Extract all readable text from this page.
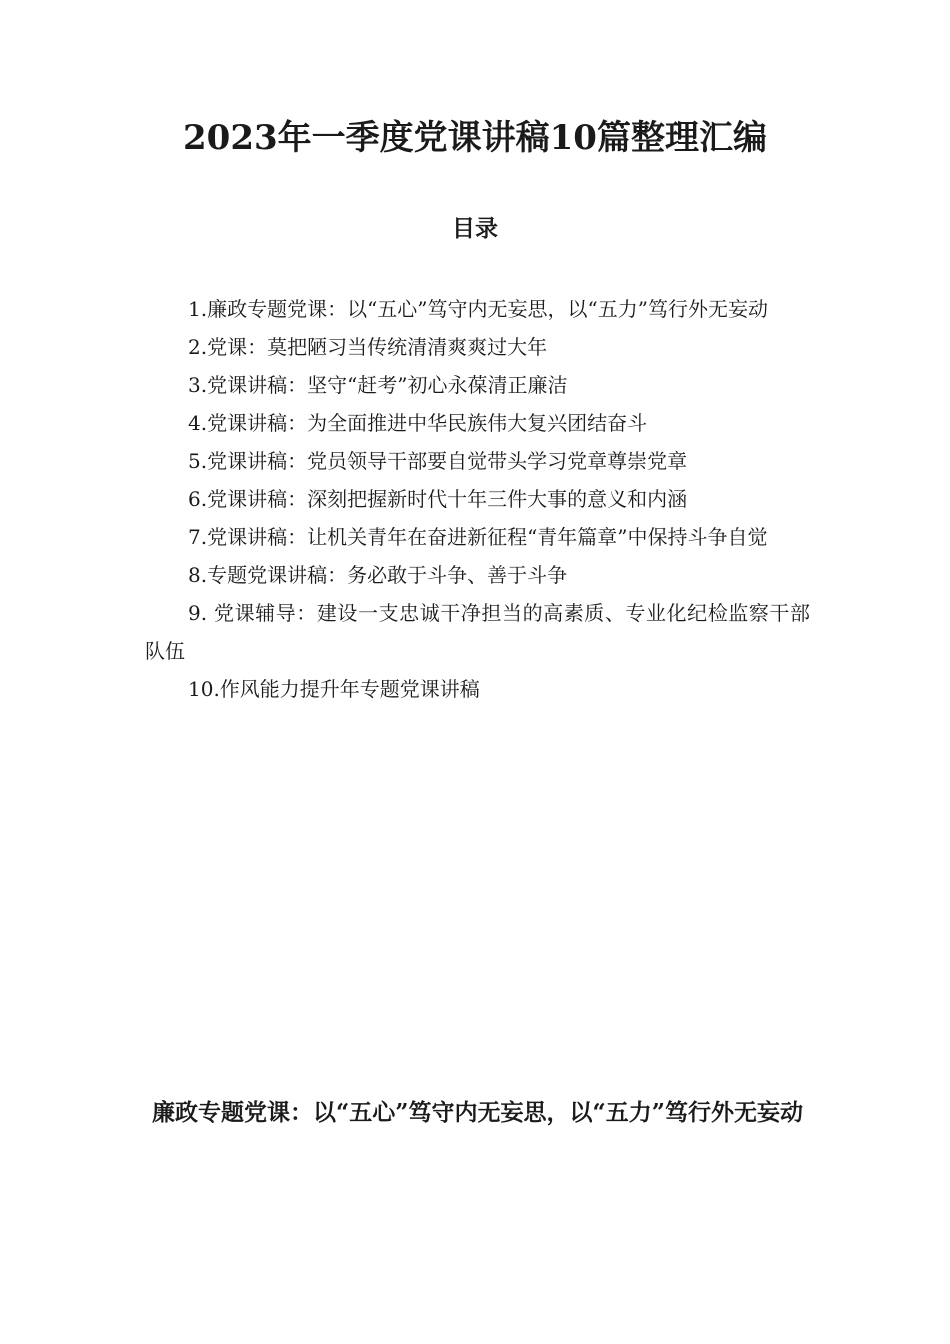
2023年一季度党课讲稿10篇整理汇编
目录

1.廉政专题党课：以“五心”笃守内无妄思，以“五力”笃行外无妄动

2.党课：莫把陋习当传统清清爽爽过大年

3.党课讲稿：坚守“赶考”初心永葆清正廉洁

4.党课讲稿：为全面推进中华民族伟大复兴团结奋斗

5.党课讲稿：党员领导干部要自觉带头学习党章尊崇党章

6.党课讲稿：深刻把握新时代十年三件大事的意义和内涵

7.党课讲稿：让机关青年在奋进新征程“青年篇章”中保持斗争自觉

8.专题党课讲稿：务必敢于斗争、善于斗争

9. 党课辅导：建设一支忠诚干净担当的高素质、专业化纪检监察干部队伍

10.作风能力提升年专题党课讲稿

廉政专题党课：以“五心”笃守内无妄思，以“五力”笃行外无妄动
